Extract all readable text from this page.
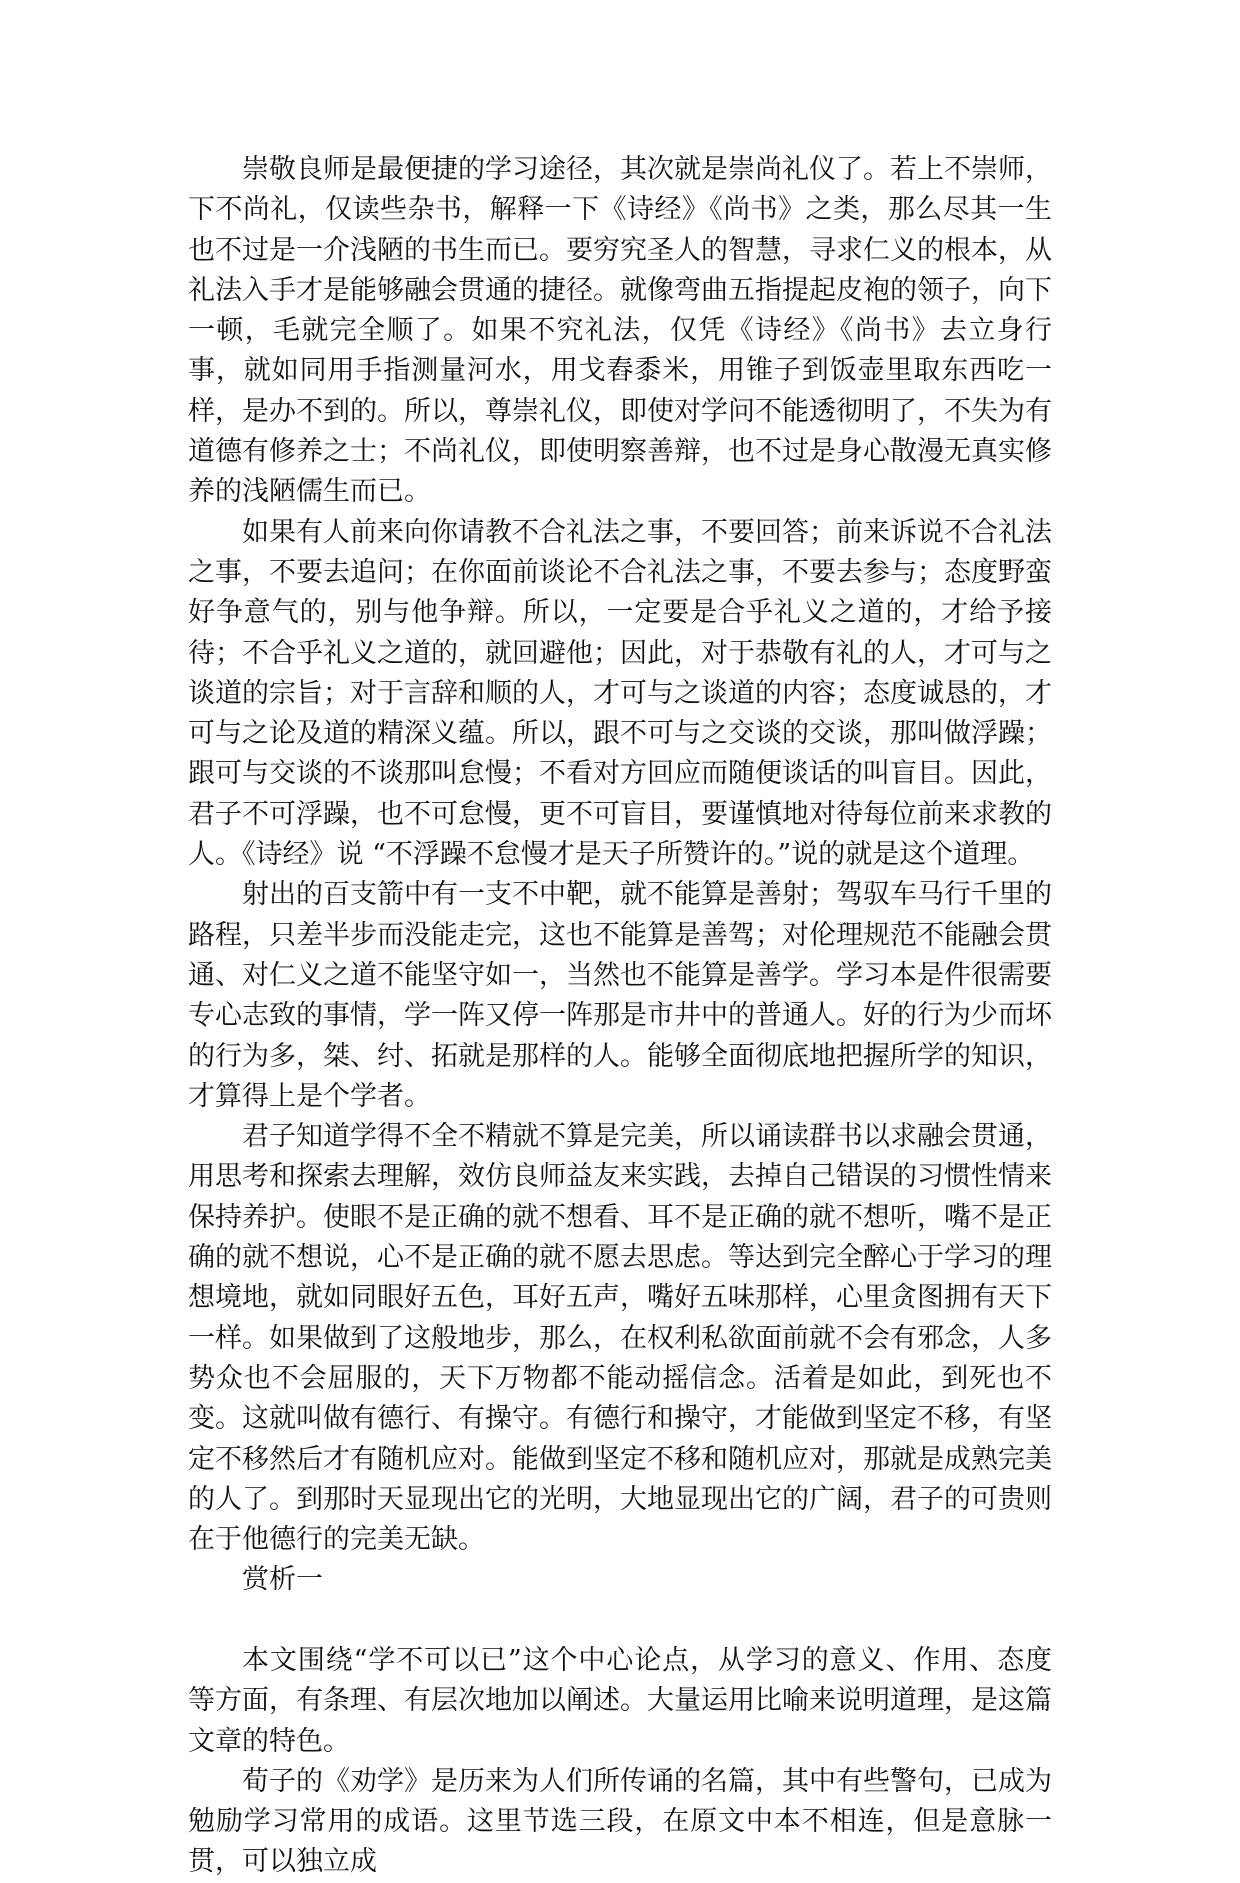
崇敬良师是最便捷的学习途径，其次就是崇尚礼仪了。若上不崇师，下不尚礼，仅读些杂书，解释一下《诗经》《尚书》之类，那么尽其一生也不过是一介浅陋的书生而已。要穷究圣人的智慧，寻求仁义的根本，从礼法入手才是能够融会贯通的捷径。就像弯曲五指提起皮袍的领子，向下一顿，毛就完全顺了。如果不究礼法，仅凭《诗经》《尚书》去立身行事，就如同用手指测量河水，用戈舂黍米，用锥子到饭壶里取东西吃一样，是办不到的。所以，尊崇礼仪，即使对学问不能透彻明了，不失为有道德有修养之士；不尚礼仪，即使明察善辩，也不过是身心散漫无真实修养的浅陋儒生而已。

如果有人前来向你请教不合礼法之事，不要回答；前来诉说不合礼法之事，不要去追问；在你面前谈论不合礼法之事，不要去参与；态度野蛮好争意气的，别与他争辩。所以，一定要是合乎礼义之道的，才给予接待；不合乎礼义之道的，就回避他；因此，对于恭敬有礼的人，才可与之谈道的宗旨；对于言辞和顺的人，才可与之谈道的内容；态度诚恳的，才可与之论及道的精深义蕴。所以，跟不可与之交谈的交谈，那叫做浮躁；跟可与交谈的不谈那叫怠慢；不看对方回应而随便谈话的叫盲目。因此，君子不可浮躁，也不可怠慢，更不可盲目，要谨慎地对待每位前来求教的人。《诗经》说 “不浮躁不怠慢才是天子所赞许的。”说的就是这个道理。

射出的百支箭中有一支不中靶，就不能算是善射；驾驭车马行千里的路程，只差半步而没能走完，这也不能算是善驾；对伦理规范不能融会贯通、对仁义之道不能坚守如一，当然也不能算是善学。学习本是件很需要专心志致的事情，学一阵又停一阵那是市井中的普通人。好的行为少而坏的行为多，桀、纣、拓就是那样的人。能够全面彻底地把握所学的知识，才算得上是个学者。

君子知道学得不全不精就不算是完美，所以诵读群书以求融会贯通，用思考和探索去理解，效仿良师益友来实践，去掉自己错误的习惯性情来保持养护。使眼不是正确的就不想看、耳不是正确的就不想听，嘴不是正确的就不想说，心不是正确的就不愿去思虑。等达到完全醉心于学习的理想境地，就如同眼好五色，耳好五声，嘴好五味那样，心里贪图拥有天下一样。如果做到了这般地步，那么，在权利私欲面前就不会有邪念，人多势众也不会屈服的，天下万物都不能动摇信念。活着是如此，到死也不变。这就叫做有德行、有操守。有德行和操守，才能做到坚定不移，有坚定不移然后才有随机应对。能做到坚定不移和随机应对，那就是成熟完美的人了。到那时天显现出它的光明，大地显现出它的广阔，君子的可贵则在于他德行的完美无缺。

赏析一

本文围绕“学不可以已”这个中心论点，从学习的意义、作用、态度等方面，有条理、有层次地加以阐述。大量运用比喻来说明道理，是这篇文章的特色。

荀子的《劝学》是历来为人们所传诵的名篇，其中有些警句，已成为勉励学习常用的成语。这里节选三段，在原文中本不相连，但是意脉一贯，可以独立成
